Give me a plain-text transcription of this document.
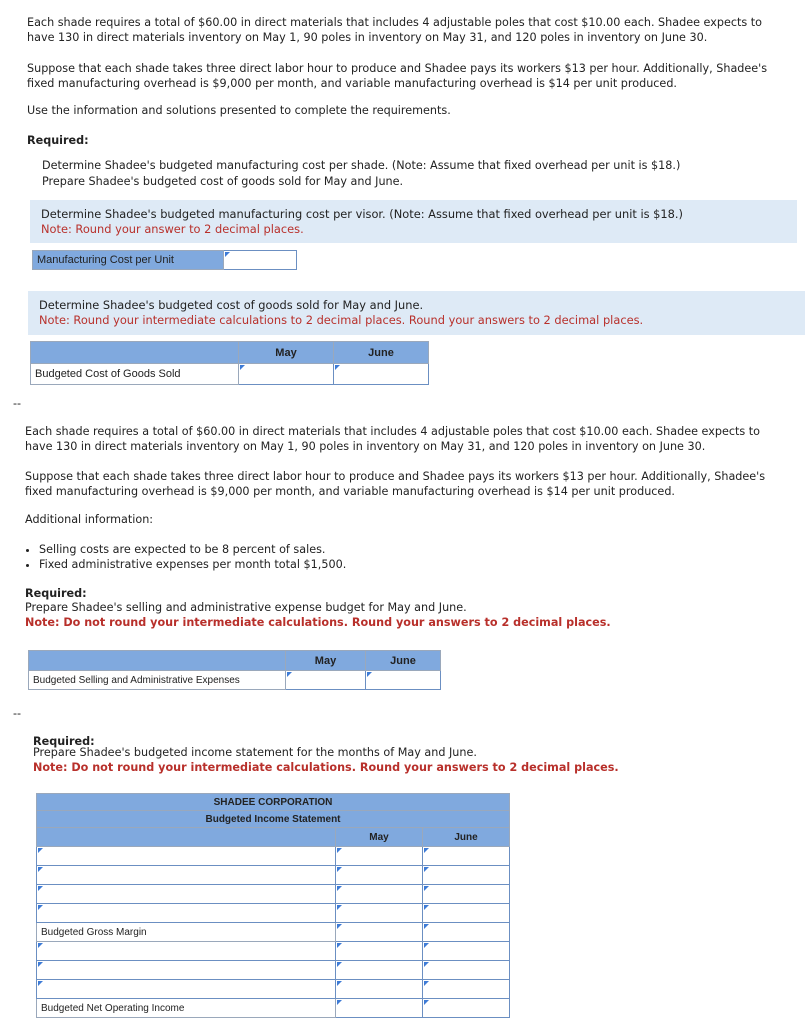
Each shade requires a total of $60.00 in direct materials that includes 4 adjustable poles that cost $10.00 each. Shadee expects to have 130 in direct materials inventory on May 1, 90 poles in inventory on May 31, and 120 poles in inventory on June 30.
Suppose that each shade takes three direct labor hour to produce and Shadee pays its workers $13 per hour. Additionally, Shadee's fixed manufacturing overhead is $9,000 per month, and variable manufacturing overhead is $14 per unit produced.
Use the information and solutions presented to complete the requirements.
Required:
Determine Shadee's budgeted manufacturing cost per shade. (Note: Assume that fixed overhead per unit is $18.)
Prepare Shadee's budgeted cost of goods sold for May and June.
Determine Shadee's budgeted manufacturing cost per visor. (Note: Assume that fixed overhead per unit is $18.)
Note: Round your answer to 2 decimal places.
Manufacturing Cost per Unit	
Determine Shadee's budgeted cost of goods sold for May and June.
Note: Round your intermediate calculations to 2 decimal places. Round your answers to 2 decimal places.
	May	June
Budgeted Cost of Goods Sold		
--
Each shade requires a total of $60.00 in direct materials that includes 4 adjustable poles that cost $10.00 each. Shadee expects to have 130 in direct materials inventory on May 1, 90 poles in inventory on May 31, and 120 poles in inventory on June 30.
Suppose that each shade takes three direct labor hour to produce and Shadee pays its workers $13 per hour. Additionally, Shadee's fixed manufacturing overhead is $9,000 per month, and variable manufacturing overhead is $14 per unit produced.
Additional information:
• Selling costs are expected to be 8 percent of sales.
• Fixed administrative expenses per month total $1,500.
Required:
Prepare Shadee's selling and administrative expense budget for May and June.
Note: Do not round your intermediate calculations. Round your answers to 2 decimal places.
	May	June
Budgeted Selling and Administrative Expenses		
--
Required:
Prepare Shadee's budgeted income statement for the months of May and June.
Note: Do not round your intermediate calculations. Round your answers to 2 decimal places.
SHADEE CORPORATION		
Budgeted Income Statement		
	May	June

Budgeted Gross Margin		

Budgeted Net Operating Income		
